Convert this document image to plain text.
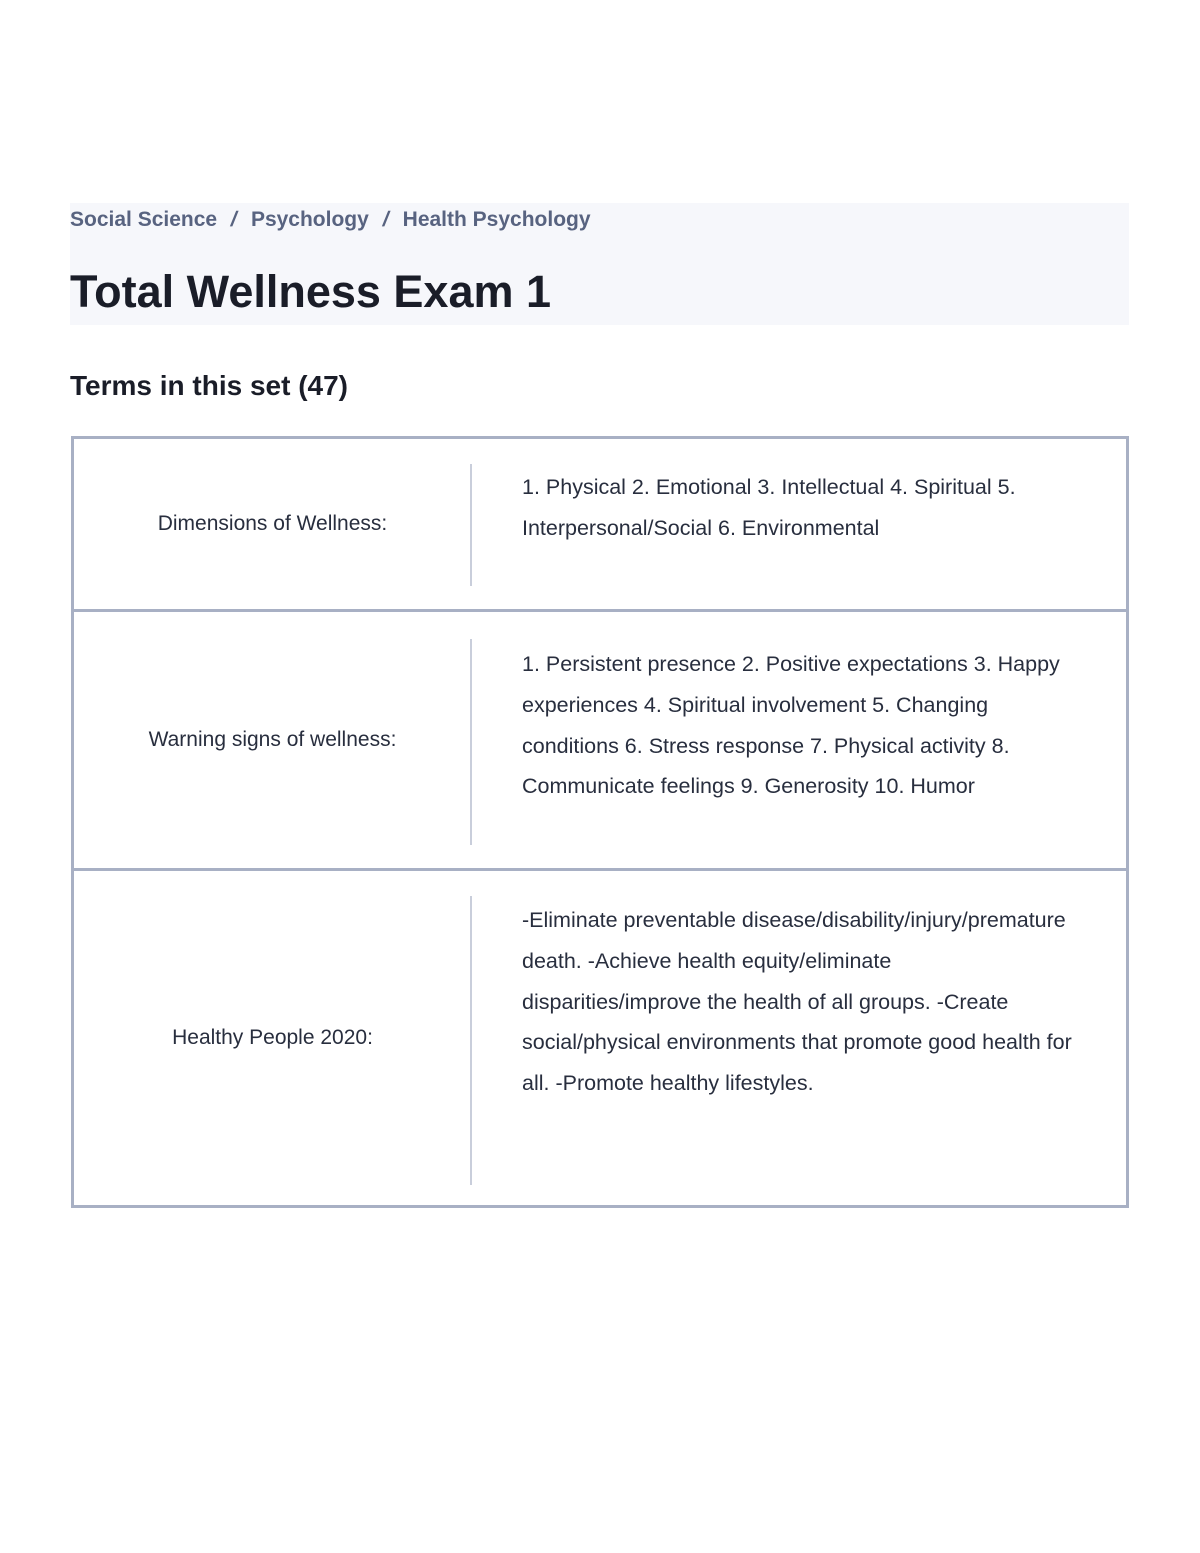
Social Science / Psychology / Health Psychology
Total Wellness Exam 1
Terms in this set (47)
Dimensions of Wellness:
1. Physical 2. Emotional 3. Intellectual 4. Spiritual 5. Interpersonal/Social 6. Environmental
Warning signs of wellness:
1. Persistent presence 2. Positive expectations 3. Happy experiences 4. Spiritual involvement 5. Changing conditions 6. Stress response 7. Physical activity 8. Communicate feelings 9. Generosity 10. Humor
Healthy People 2020:
-Eliminate preventable disease/disability/injury/premature death. -Achieve health equity/eliminate disparities/improve the health of all groups. -Create social/physical environments that promote good health for all. -Promote healthy lifestyles.
